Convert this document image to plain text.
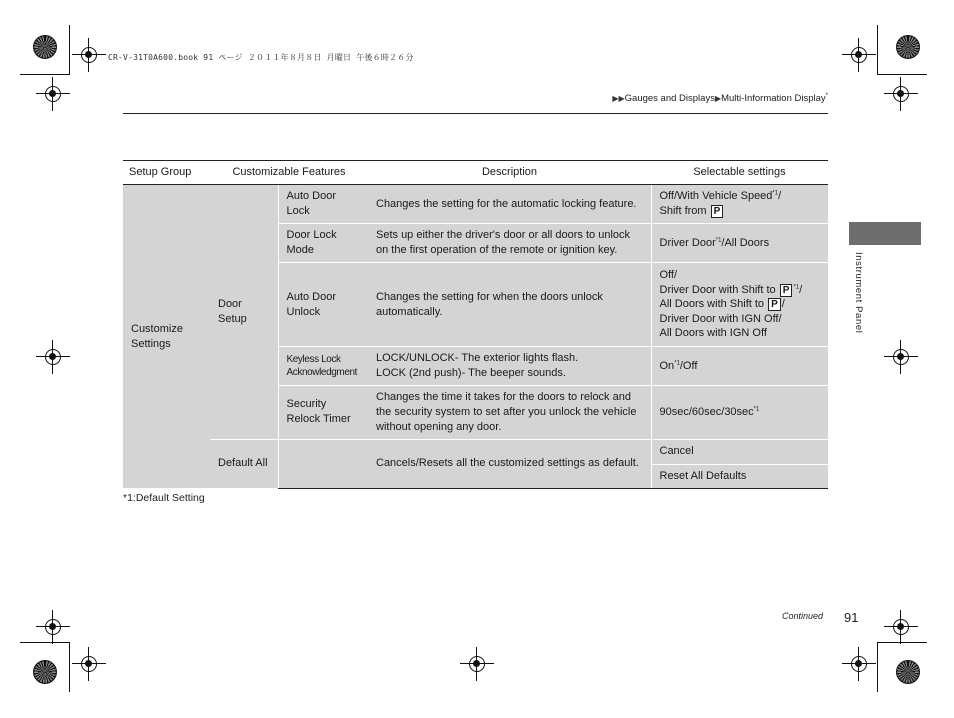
CR-V-31T0A600.book 91 ページ ２０１１年８月８日 月曜日 午後６時２６分
▶▶Gauges and Displays▶Multi-Information Display*
Instrument Panel
Setup Group	Customizable Features		Description	Selectable settings
Customize Settings	Door Setup	Auto Door Lock	Changes the setting for the automatic locking feature.	Off/With Vehicle Speed$^{*1}$/
Shift from P
		Door Lock Mode	Sets up either the driver's door or all doors to unlock on the first operation of the remote or ignition key.	Driver Door$^{*1}$/All Doors
		Auto Door Unlock	Changes the setting for when the doors unlock automatically.	Off/
Driver Door with Shift to P $^{*1}$/
All Doors with Shift to P /
Driver Door with IGN Off/
All Doors with IGN Off
		Keyless Lock Acknowledgment	LOCK/UNLOCK- The exterior lights flash.
LOCK (2nd push)- The beeper sounds.	On$^{*1}$/Off
		Security Relock Timer	Changes the time it takes for the doors to relock and the security system to set after you unlock the vehicle without opening any door.	90sec/60sec/30sec$^{*1}$
	Default All		Cancels/Resets all the customized settings as default.	Cancel
				Reset All Defaults
*1:Default Setting
Continued 91
